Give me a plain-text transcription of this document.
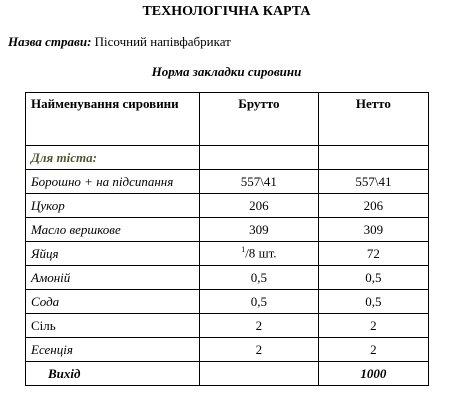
ТЕХНОЛОГІЧНА КАРТА
Назва страви: Пісочний напівфабрикат
Норма закладки сировини
Найменування сировини	Брутто	Нетто
Для тіста:		
Борошно + на підсипання	557\41	557\41
Цукор	206	206
Масло вершкове	309	309
Яйця	$^1$/8 шт.	72
Амоній	0,5	0,5
Сода	0,5	0,5
Сіль	2	2
Есенція	2	2
Вихід		1000
